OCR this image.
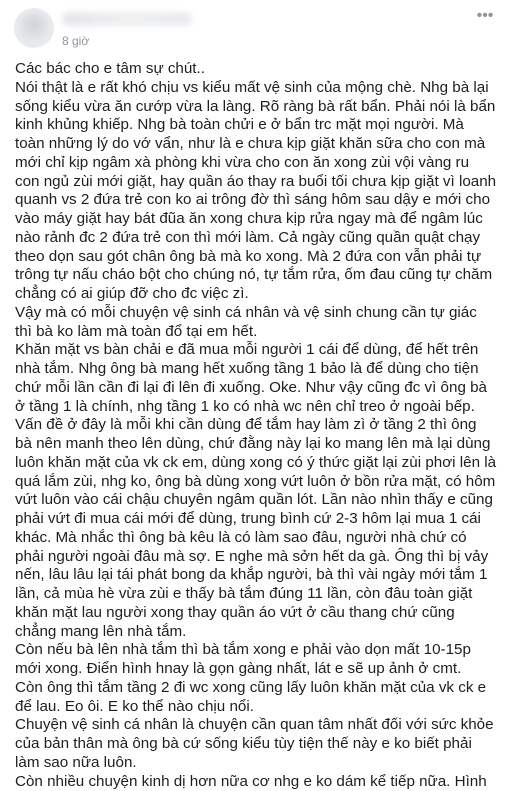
8 giờ
•••

Các bác cho e tâm sự chút..

Nói thật là e rất khó chịu vs kiểu mất vệ sinh của mộng chè. Nhg bà lại sống kiểu vừa ăn cướp vừa la làng. Rõ ràng bà rất bẩn. Phải nói là bẩn kinh khủng khiếp. Nhg bà toàn chửi e ở bẩn trc mặt mọi người. Mà toàn những lý do vớ vẩn, như là e chưa kịp giặt khăn sữa cho con mà mới chỉ kịp ngâm xà phòng khi vừa cho con ăn xong zùi vội vàng ru con ngủ zùi mới giặt, hay quần áo thay ra buổi tối chưa kịp giặt vì loanh quanh vs 2 đứa trẻ con ko ai trông đờ thì sáng hôm sau dậy e mới cho vào máy giặt hay bát đũa ăn xong chưa kịp rửa ngay mà để ngâm lúc nào rảnh đc 2 đứa trẻ con thì mới làm. Cả ngày cũng quần quật chạy theo dọn sau gót chân ông bà mà ko xong. Mà 2 đứa con vẫn phải tự trông tự nấu cháo bột cho chúng nó, tự tắm rửa, ốm đau cũng tự chăm chẳng có ai giúp đỡ cho đc việc zì.

Vậy mà có mỗi chuyện vệ sinh cá nhân và vệ sinh chung cần tự giác thì bà ko làm mà toàn đổ tại em hết.

Khăn mặt vs bàn chải e đã mua mỗi người 1 cái để dùng, để hết trên nhà tắm. Nhg ông bà mang hết xuống tầng 1 bảo là để dùng cho tiện chứ mỗi lần cần đi lại đi lên đi xuống. Oke. Như vậy cũng đc vì ông bà ở tầng 1 là chính, nhg tầng 1 ko có nhà wc nên chỉ treo ở ngoài bếp. Vấn đề ở đây là mỗi khi cần dùng để tắm hay làm zì ở tầng 2 thì ông bà nên manh theo lên dùng, chứ đằng này lại ko mang lên mà lại dùng luôn khăn mặt của vk ck em, dùng xong có ý thức giặt lại zùi phơi lên là quá lắm zùi, nhg ko, ông bà dùng xong vứt luôn ở bồn rửa mặt, có hôm vứt luôn vào cái chậu chuyên ngâm quần lót. Lần nào nhìn thấy e cũng phải vứt đi mua cái mới để dùng, trung bình cứ 2-3 hôm lại mua 1 cái khác. Mà nhắc thì ông bà kêu là có làm sao đâu, người nhà chứ có phải người ngoài đâu mà sợ. E nghe mà sởn hết da gà. Ông thì bị vảy nến, lâu lâu lại tái phát bong da khắp người, bà thì vài ngày mới tắm 1 lần, cả mùa hè vừa zùi e thấy bà tắm đúng 11 lần, còn đâu toàn giặt khăn mặt lau người xong thay quần áo vứt ở cầu thang chứ cũng chẳng mang lên nhà tắm.

Còn nếu bà lên nhà tắm thì bà tắm xong e phải vào dọn mất 10-15p mới xong. Điển hình hnay là gọn gàng nhất, lát e sẽ up ảnh ở cmt.

Còn ông thì tắm tầng 2 đi wc xong cũng lấy luôn khăn mặt của vk ck e để lau. Eo ôi. E ko thể nào chịu nổi.

Chuyện vệ sinh cá nhân là chuyện cần quan tâm nhất đối với sức khỏe của bản thân mà ông bà cứ sống kiểu tùy tiện thế này e ko biết phải làm sao nữa luôn.

Còn nhiều chuyện kinh dị hơn nữa cơ nhg e ko dám kể tiếp nữa. Hình
